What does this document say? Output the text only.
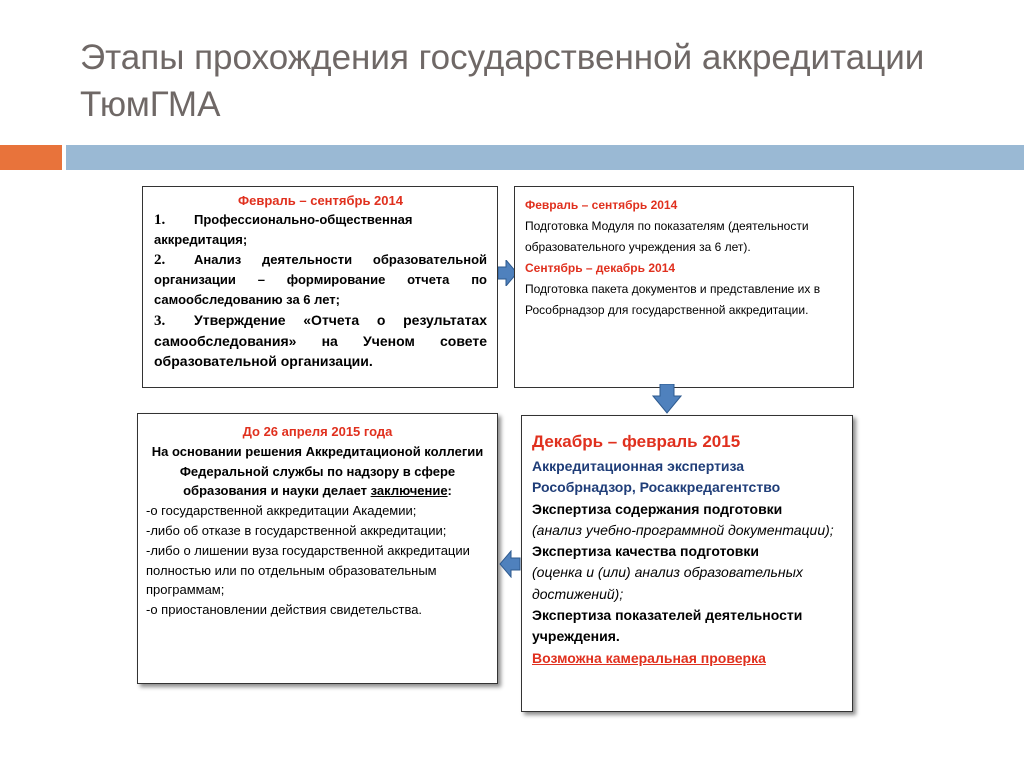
Этапы прохождения государственной аккредитации
ТюмГМА
Февраль – сентябрь 2014
1. Профессионально-общественная аккредитация;
2. Анализ деятельности образовательной организации – формирование отчета по самообследованию за 6 лет;
3. Утверждение «Отчета о результатах самообследования» на Ученом совете образовательной организации.
Февраль – сентябрь 2014
Подготовка Модуля по показателям (деятельности образовательного учреждения за 6 лет).
Сентябрь – декабрь 2014
Подготовка пакета документов и представление их в Рособрнадзор для государственной аккредитации.
До 26 апреля 2015 года
На основании решения Аккредитационой коллегии Федеральной службы по надзору в сфере образования и науки делает заключение:
-о государственной аккредитации Академии;
-либо об отказе в государственной аккредитации;
-либо о лишении вуза государственной аккредитации полностью или по отдельным образовательным программам;
-о приостановлении действия свидетельства.
Декабрь – февраль 2015
Аккредитационная экспертиза
Рособрнадзор, Росаккредагентство
Экспертиза содержания подготовки
(анализ учебно-программной документации);
Экспертиза качества подготовки
(оценка и (или) анализ образовательных достижений);
Экспертиза показателей деятельности учреждения.
Возможна камеральная проверка
